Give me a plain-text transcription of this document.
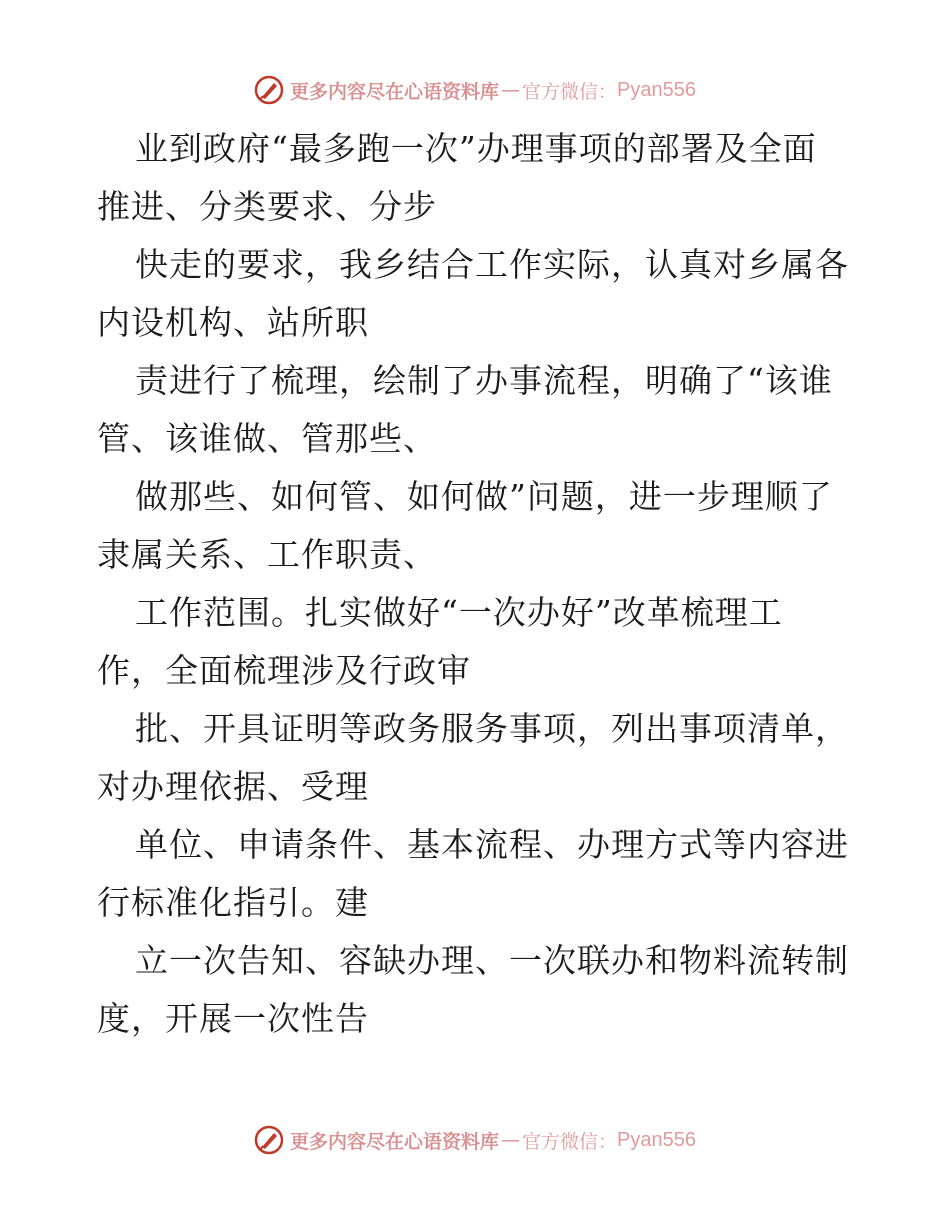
更多内容尽在心语资料库 — 官方微信： Pyan556

业到政府“最多跑一次”办理事项的部署及全面

推进、分类要求、分步

快走的要求，我乡结合工作实际，认真对乡属各

内设机构、站所职

责进行了梳理，绘制了办事流程，明确了“该谁

管、该谁做、管那些、

做那些、如何管、如何做”问题，进一步理顺了

隶属关系、工作职责、

工作范围。扎实做好“一次办好”改革梳理工

作，全面梳理涉及行政审

批、开具证明等政务服务事项，列出事项清单，

对办理依据、受理

单位、申请条件、基本流程、办理方式等内容进

行标准化指引。建

立一次告知、容缺办理、一次联办和物料流转制

度，开展一次性告

更多内容尽在心语资料库 — 官方微信： Pyan556
